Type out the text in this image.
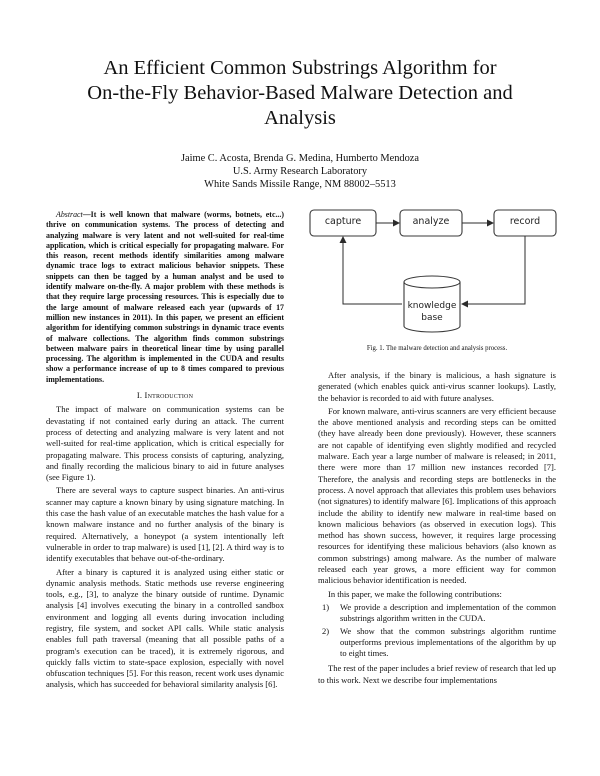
An Efficient Common Substrings Algorithm for
On-the-Fly Behavior-Based Malware Detection and
Analysis
Jaime C. Acosta, Brenda G. Medina, Humberto Mendoza
U.S. Army Research Laboratory
White Sands Missile Range, NM 88002–5513

Abstract—It is well known that malware (worms, botnets, etc...) thrive on communication systems. The process of detecting and analyzing malware is very latent and not well-suited for real-time application, which is critical especially for propagating malware. For this reason, recent methods identify similarities among malware dynamic trace logs to extract malicious behavior snippets. These snippets can then be tagged by a human analyst and be used to identify malware on-the-fly. A major problem with these methods is that they require large processing resources. This is especially due to the large amount of malware released each year (upwards of 17 million new instances in 2011). In this paper, we present an efficient algorithm for identifying common substrings in dynamic trace events of malware collections. The algorithm finds common substrings between malware pairs in theoretical linear time by using parallel processing. The algorithm is implemented in the CUDA and results show a performance increase of up to 8 times compared to previous implementations.

I. Introduction

The impact of malware on communication systems can be devastating if not contained early during an attack. The current process of detecting and analyzing malware is very latent and not well-suited for real-time application, which is critical especially for propagating malware. This process consists of capturing, analyzing, and finally recording the malicious binary to aid in future analyses (see Figure 1).

There are several ways to capture suspect binaries. An anti-virus scanner may capture a known binary by using signature matching. In this case the hash value of an executable matches the hash value for a known malware instance and no further analysis of the binary is required. Alternatively, a honeypot (a system intentionally left vulnerable in order to trap malware) is used [1], [2]. A third way is to identify executables that behave out-of-the-ordinary.

After a binary is captured it is analyzed using either static or dynamic analysis methods. Static methods use reverse engineering tools, e.g., [3], to analyze the binary outside of runtime. Dynamic analysis [4] involves executing the binary in a controlled sandbox environment and logging all events during invocation including registry, file system, and socket API calls. While static analysis enables full path traversal (meaning that all possible paths of a program's execution can be traced), it is extremely rigorous, and quickly falls victim to state-space explosion, especially with novel obfuscation techniques [5]. For this reason, recent work uses dynamic analysis, which has succeeded for behavioral similarity analysis [6].

capture	analyze	record
knowledge
base
Fig. 1. The malware detection and analysis process.

After analysis, if the binary is malicious, a hash signature is generated (which enables quick anti-virus scanner lookups). Lastly, the behavior is recorded to aid with future analyses.

For known malware, anti-virus scanners are very efficient because the above mentioned analysis and recording steps can be omitted (they have already been done previously). However, these scanners are not capable of identifying even slightly modified and recycled malware. Each year a large number of malware is released; in 2011, there were more than 17 million new instances recorded [7]. Therefore, the analysis and recording steps are bottlenecks in the process. A novel approach that alleviates this problem uses behaviors (not signatures) to identify malware [6]. Implications of this approach include the ability to identify new malware in real-time based on known malicious behaviors (as observed in execution logs). This method has shown success, however, it requires large processing resources for identifying these malicious behaviors (also known as common substrings) among malware. As the number of malware released each year grows, a more efficient way for common malicious behavior identification is needed.

In this paper, we make the following contributions:

1)	We provide a description and implementation of the common substrings algorithm written in the CUDA.
2)	We show that the common substrings algorithm runtime outperforms previous implementations of the algorithm by up to eight times.

The rest of the paper includes a brief review of research that led up to this work. Next we describe four implementations
